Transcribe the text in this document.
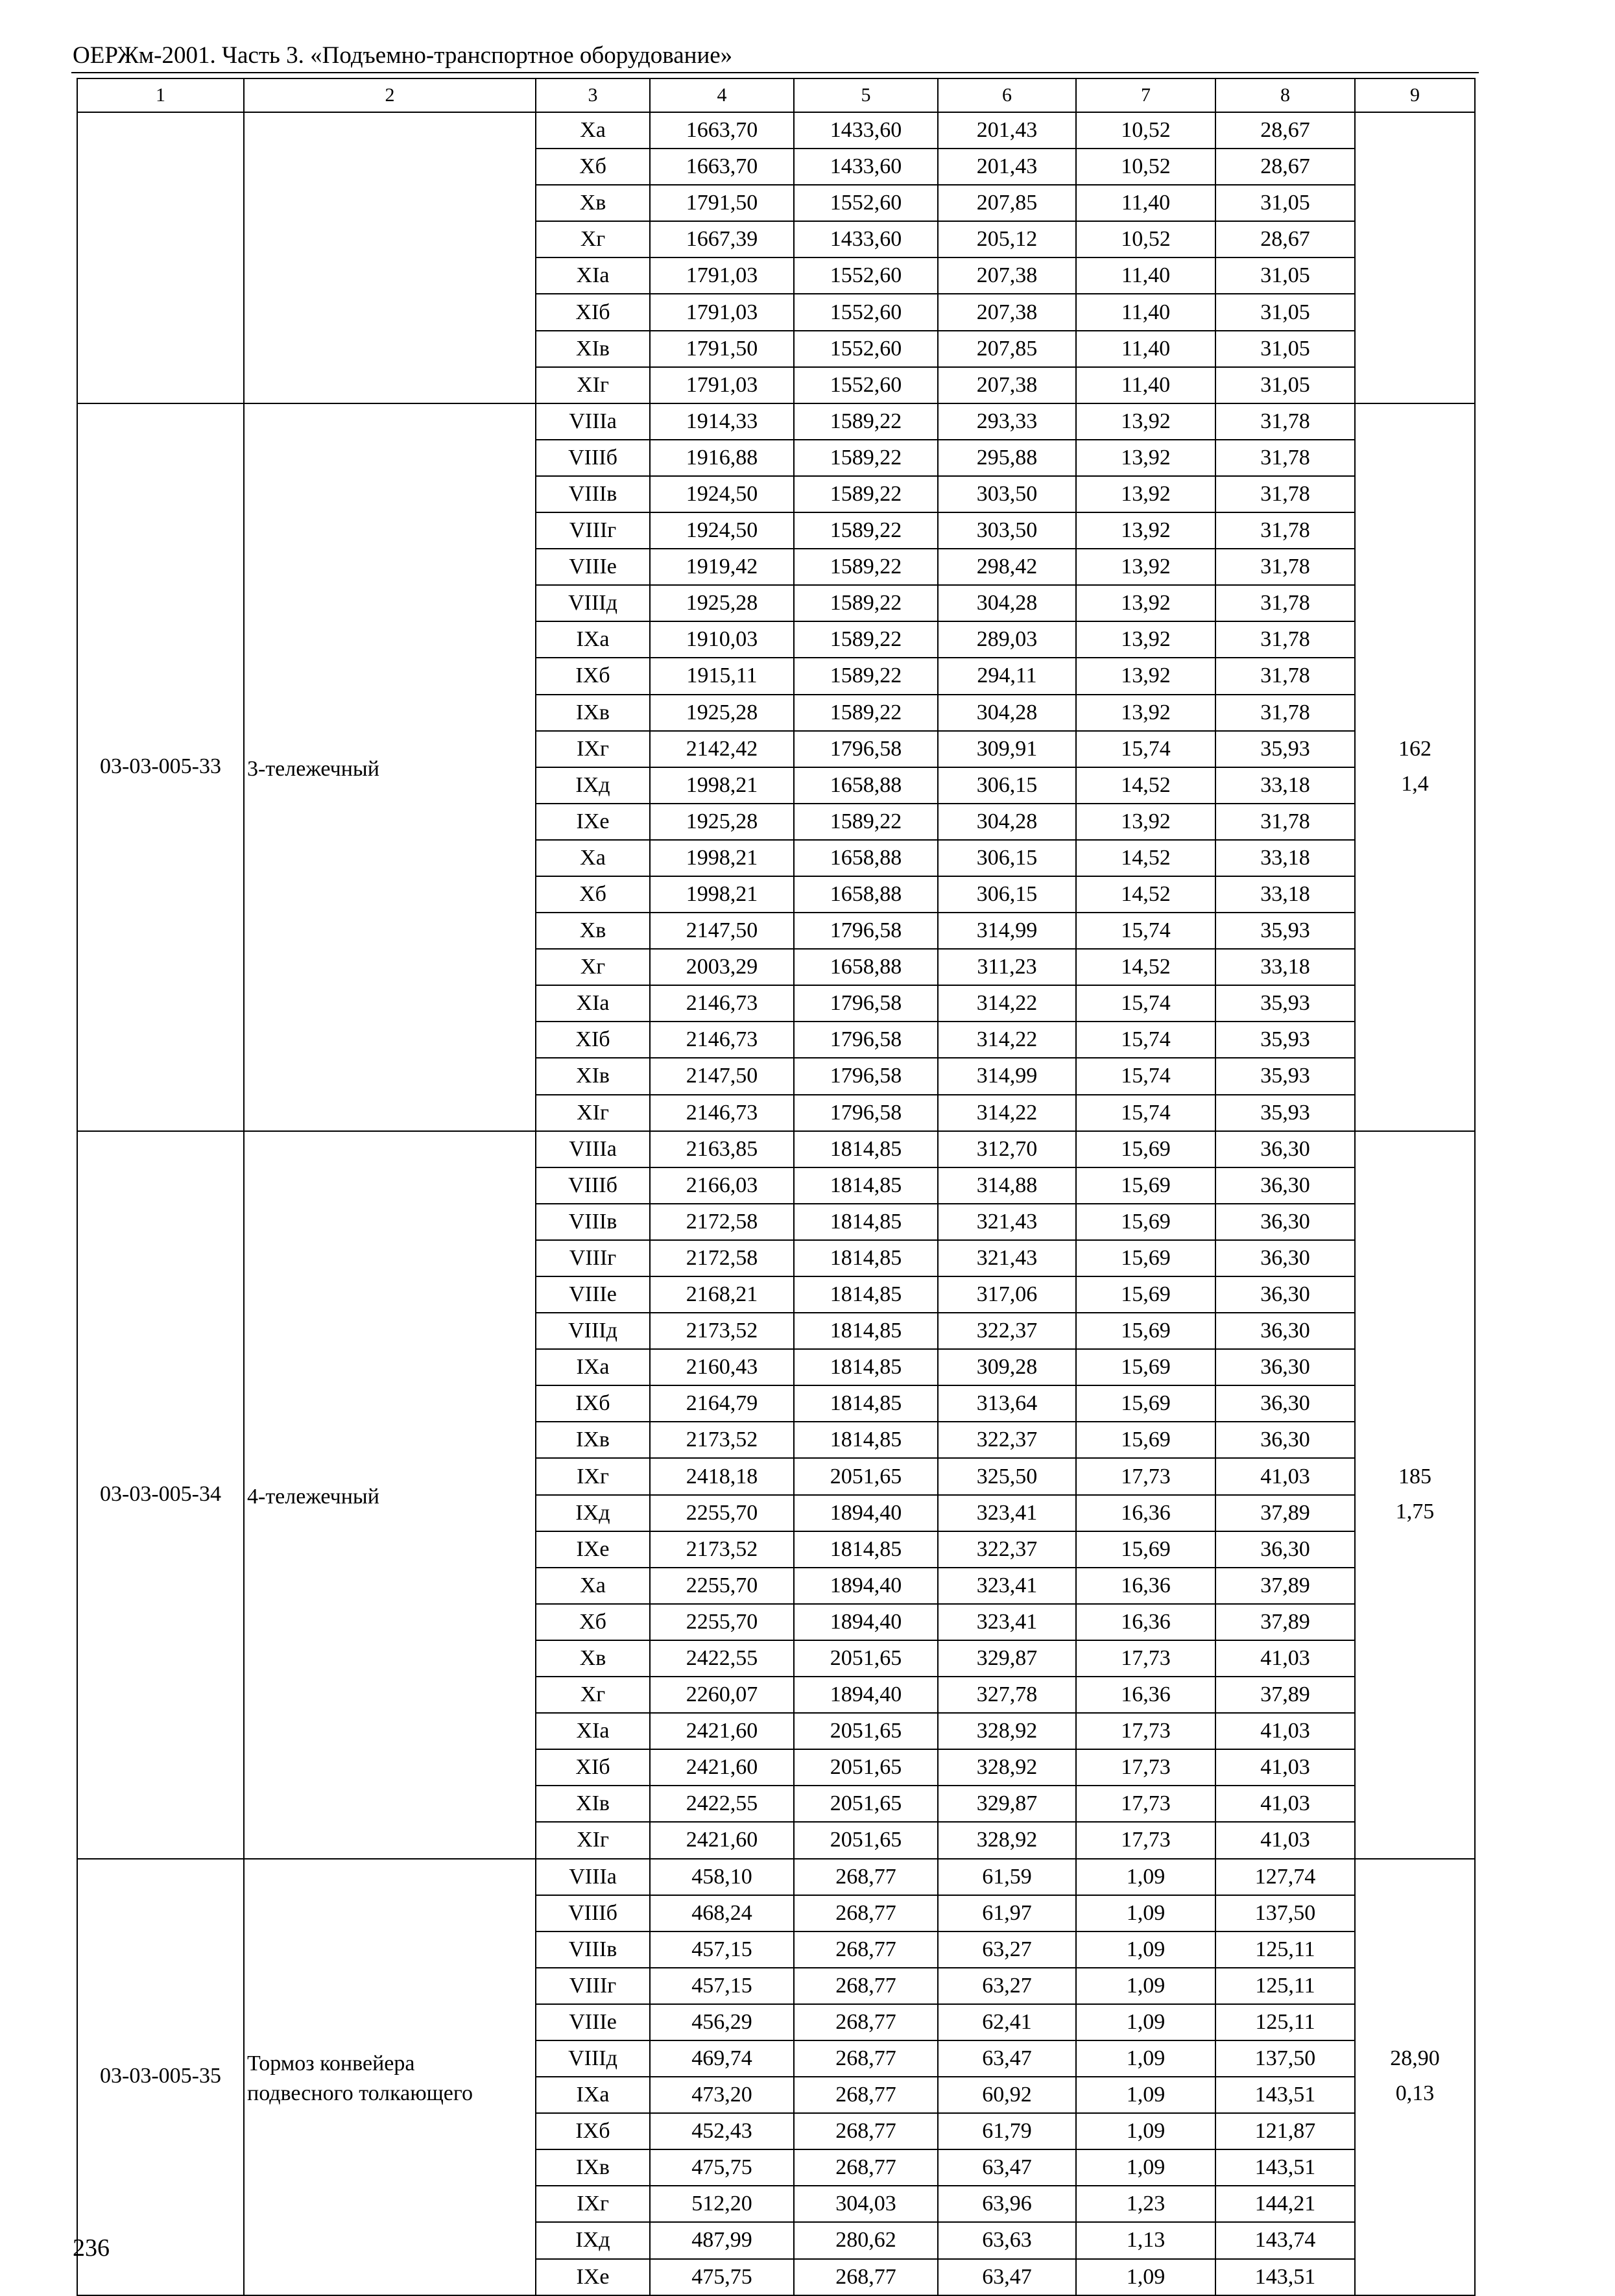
ОЕРЖм-2001. Часть 3. «Подъемно-транспортное оборудование»
1	2	3	4	5	6	7	8	9

		Xа	1663,70	1433,60	201,43	10,52	28,67	
		Xб	1663,70	1433,60	201,43	10,52	28,67	
		Xв	1791,50	1552,60	207,85	11,40	31,05	
		Xг	1667,39	1433,60	205,12	10,52	28,67	
		XIа	1791,03	1552,60	207,38	11,40	31,05	
		XIб	1791,03	1552,60	207,38	11,40	31,05	
		XIв	1791,50	1552,60	207,85	11,40	31,05	
		XIг	1791,03	1552,60	207,38	11,40	31,05	

03-03-005-33	3-тележечный	VIIIа	1914,33	1589,22	293,33	13,92	31,78	162
1,4

		VIIIб	1916,88	1589,22	295,88	13,92	31,78	
		VIIIв	1924,50	1589,22	303,50	13,92	31,78	
		VIIIг	1924,50	1589,22	303,50	13,92	31,78	
		VIIIе	1919,42	1589,22	298,42	13,92	31,78	
		VIIIд	1925,28	1589,22	304,28	13,92	31,78	
		IXа	1910,03	1589,22	289,03	13,92	31,78	
		IXб	1915,11	1589,22	294,11	13,92	31,78	
		IXв	1925,28	1589,22	304,28	13,92	31,78	
		IXг	2142,42	1796,58	309,91	15,74	35,93	
		IXд	1998,21	1658,88	306,15	14,52	33,18	
		IXе	1925,28	1589,22	304,28	13,92	31,78	
		Xа	1998,21	1658,88	306,15	14,52	33,18	
		Xб	1998,21	1658,88	306,15	14,52	33,18	
		Xв	2147,50	1796,58	314,99	15,74	35,93	
		Xг	2003,29	1658,88	311,23	14,52	33,18	
		XIа	2146,73	1796,58	314,22	15,74	35,93	
		XIб	2146,73	1796,58	314,22	15,74	35,93	
		XIв	2147,50	1796,58	314,99	15,74	35,93	
		XIг	2146,73	1796,58	314,22	15,74	35,93	

03-03-005-34	4-тележечный	VIIIа	2163,85	1814,85	312,70	15,69	36,30	185
1,75

		VIIIб	2166,03	1814,85	314,88	15,69	36,30	
		VIIIв	2172,58	1814,85	321,43	15,69	36,30	
		VIIIг	2172,58	1814,85	321,43	15,69	36,30	
		VIIIе	2168,21	1814,85	317,06	15,69	36,30	
		VIIIд	2173,52	1814,85	322,37	15,69	36,30	
		IXа	2160,43	1814,85	309,28	15,69	36,30	
		IXб	2164,79	1814,85	313,64	15,69	36,30	
		IXв	2173,52	1814,85	322,37	15,69	36,30	
		IXг	2418,18	2051,65	325,50	17,73	41,03	
		IXд	2255,70	1894,40	323,41	16,36	37,89	
		IXе	2173,52	1814,85	322,37	15,69	36,30	
		Xа	2255,70	1894,40	323,41	16,36	37,89	
		Xб	2255,70	1894,40	323,41	16,36	37,89	
		Xв	2422,55	2051,65	329,87	17,73	41,03	
		Xг	2260,07	1894,40	327,78	16,36	37,89	
		XIа	2421,60	2051,65	328,92	17,73	41,03	
		XIб	2421,60	2051,65	328,92	17,73	41,03	
		XIв	2422,55	2051,65	329,87	17,73	41,03	
		XIг	2421,60	2051,65	328,92	17,73	41,03	

03-03-005-35	Тормоз конвейера
подвесного толкающего	VIIIа	458,10	268,77	61,59	1,09	127,74	28,90
0,13

		VIIIб	468,24	268,77	61,97	1,09	137,50	
		VIIIв	457,15	268,77	63,27	1,09	125,11	
		VIIIг	457,15	268,77	63,27	1,09	125,11	
		VIIIе	456,29	268,77	62,41	1,09	125,11	
		VIIIд	469,74	268,77	63,47	1,09	137,50	
		IXа	473,20	268,77	60,92	1,09	143,51	
		IXб	452,43	268,77	61,79	1,09	121,87	
		IXв	475,75	268,77	63,47	1,09	143,51	
		IXг	512,20	304,03	63,96	1,23	144,21	
		IXд	487,99	280,62	63,63	1,13	143,74	
		IXе	475,75	268,77	63,47	1,09	143,51	
236
